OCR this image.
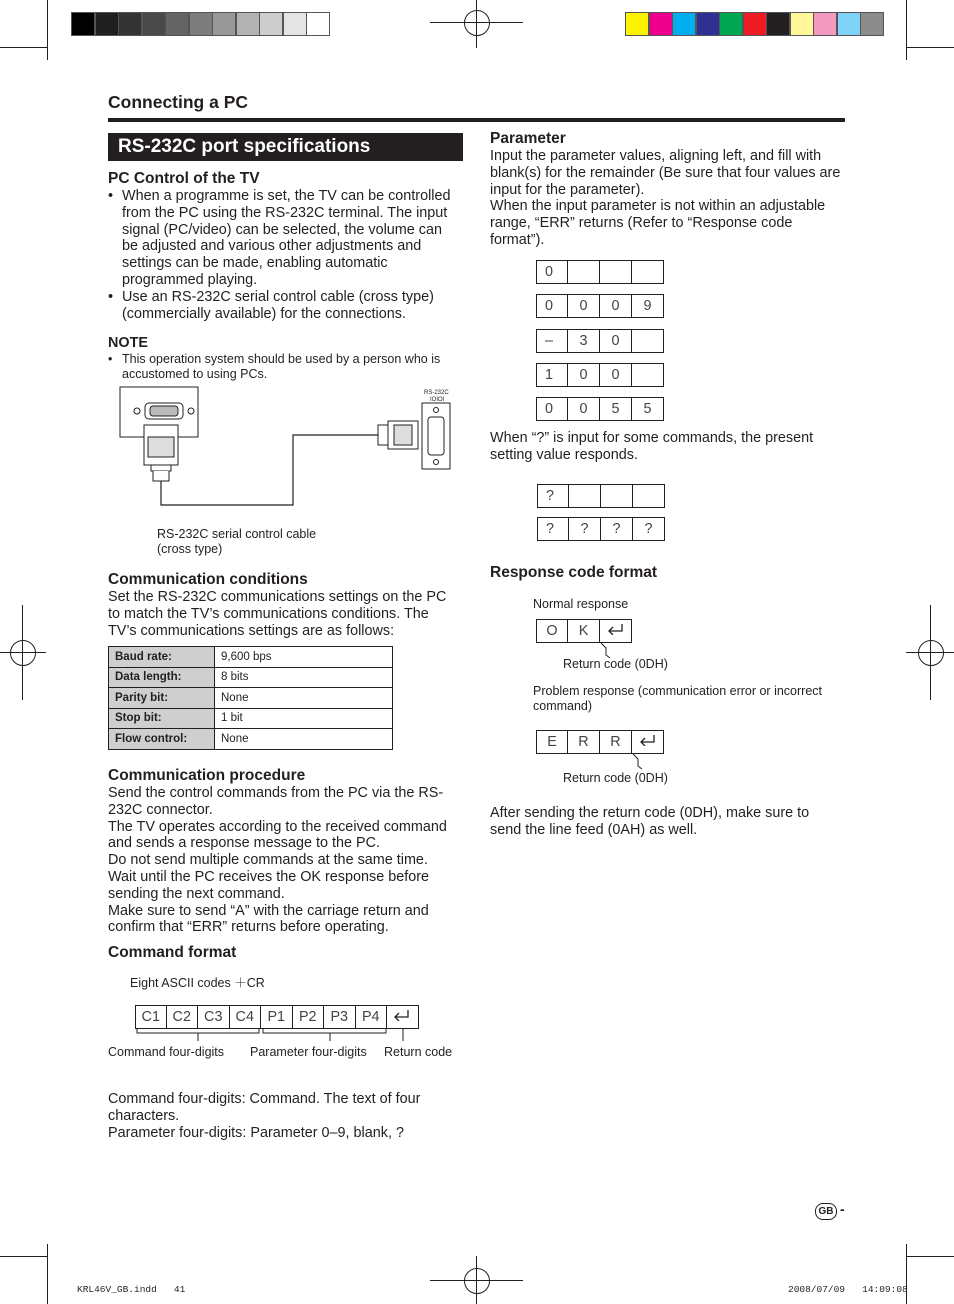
Connecting a PC
RS-232C port specifications
PC Control of the TV
• When a programme is set, the TV can be controlled from the PC using the RS-232C terminal. The input signal (PC/video) can be selected, the volume can be adjusted and various other adjustments and settings can be made, enabling automatic programmed playing.
• Use an RS-232C serial control cable (cross type) (commercially available) for the connections.
NOTE
• This operation system should be used by a person who is accustomed to using PCs.
RS-232C
IOIOI
RS-232C serial control cable
(cross type)
Communication conditions
Set the RS-232C communications settings on the PC to match the TV’s communications conditions. The TV’s communications settings are as follows:
Baud rate:	9,600 bps
Data length:	8 bits
Parity bit:	None
Stop bit:	1 bit
Flow control:	None
Communication procedure
Send the control commands from the PC via the RS-232C connector.
The TV operates according to the received command and sends a response message to the PC.
Do not send multiple commands at the same time. Wait until the PC receives the OK response before sending the next command.
Make sure to send “A” with the carriage return and confirm that “ERR” returns before operating.
Command format
Eight ASCII codes ＋CR
C1 C2 C3 C4 P1 P2 P3 P4
Command four-digits Parameter four-digits Return code
Command four-digits: Command. The text of four characters.
Parameter four-digits: Parameter 0–9, blank, ?
Parameter
Input the parameter values, aligning left, and fill with blank(s) for the remainder (Be sure that four values are input for the parameter).
When the input parameter is not within an adjustable range, “ERR” returns (Refer to “Response code format”).
0
0	0	0	9
–	3	0
1	0	0
0	0	5	5
When “?” is input for some commands, the present setting value responds.
?
?	?	?	?
Response code format
Normal response
O	K
Return code (0DH)
Problem response (communication error or incorrect command)
E	R	R
Return code (0DH)
After sending the return code (0DH), make sure to send the line feed (0AH) as well.
GB -
KRL46V_GB.indd   41	2008/07/09   14:09:08
